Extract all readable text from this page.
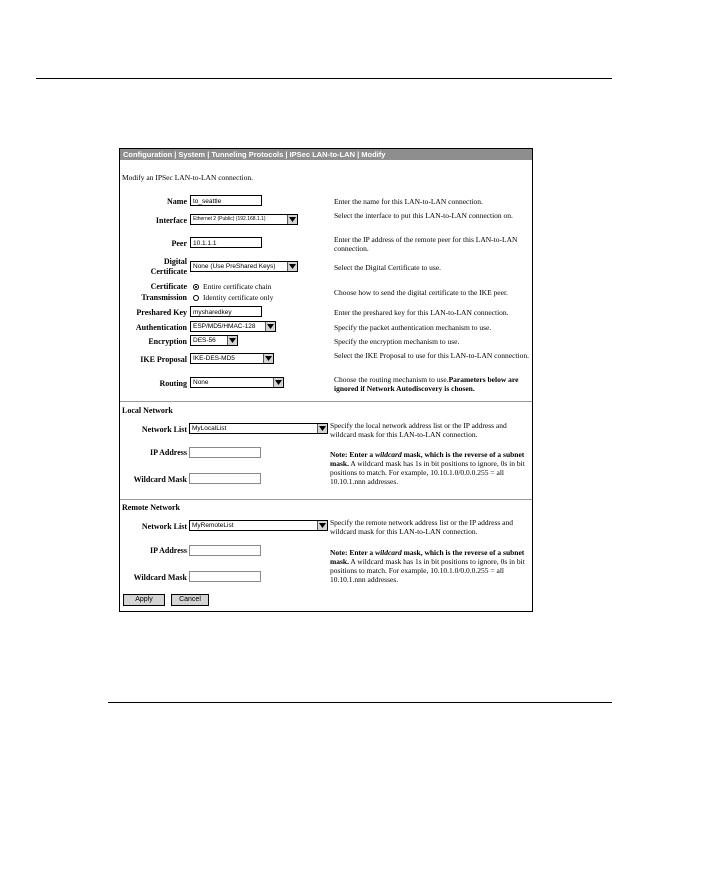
Configuration | System | Tunneling Protocols | IPSec LAN-to-LAN | Modify
Modify an IPSec LAN-to-LAN connection.
Name to_seattle	Enter the name for this LAN-to-LAN connection.
Interface	Ethernet 2 (Public) (192.168.1.1)	Select the interface to put this LAN-to-LAN connection on.
Peer 10.1.1.1	Enter the IP address of the remote peer for this LAN-to-LAN connection.
Digital
Certificate
None (Use PreShared Keys)	Select the Digital Certificate to use.
Certificate
Transmission
Entire certificate chain
Identity certificate only
Choose how to send the digital certificate to the IKE peer.
Preshared Key mysharedkey	Enter the preshared key for this LAN-to-LAN connection.
Authentication ESP/MD5/HMAC-128	Specify the packet authentication mechanism to use.
Encryption DES-56	Specify the encryption mechanism to use.
IKE Proposal IKE-DES-MD5	Select the IKE Proposal to use for this LAN-to-LAN connection.
Routing None	Choose the routing mechanism to use.Parameters below are ignored if Network Autodiscovery is chosen.
Local Network
Network List MyLocalList	Specify the local network address list or the IP address and wildcard mask for this LAN-to-LAN connection.
IP Address
Wildcard Mask
Note: Enter a wildcard mask, which is the reverse of a subnet mask. A wildcard mask has 1s in bit positions to ignore, 0s in bit positions to match. For example, 10.10.1.0/0.0.0.255 = all 10.10.1.nnn addresses.
Remote Network
Network List MyRemoteList	Specify the remote network address list or the IP address and wildcard mask for this LAN-to-LAN connection.
IP Address
Wildcard Mask
Note: Enter a wildcard mask, which is the reverse of a subnet mask. A wildcard mask has 1s in bit positions to ignore, 0s in bit positions to match. For example, 10.10.1.0/0.0.0.255 = all 10.10.1.nnn addresses.
Apply	Cancel
